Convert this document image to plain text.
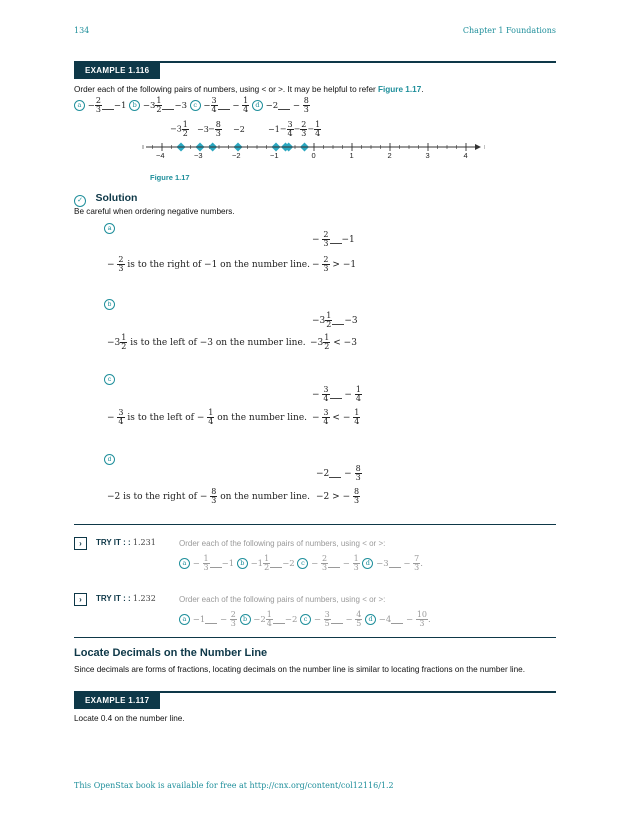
134	Chapter 1 Foundations
EXAMPLE 1.116
Order each of the following pairs of numbers, using < or >. It may be helpful to refer Figure 1.17.
$a - \frac{2}{3} -1$ $b -3 \frac{1}{2} -3$ $c - \frac{3}{4} - \frac{1}{4}$ $d -2 - \frac{8}{3}$
$-3 \frac{1}{2} -3 - \frac{8}{3} -2$	$-1- \frac{3}{4} - \frac{2}{3} - \frac{1}{4}$
−4	−3	−2	−1	0	1	2	3	4
Figure 1.17
✓ Solution
Be careful when ordering negative numbers.
a
− $\frac{2}{3} -1$
− $\frac{2}{3}$ is to the right of −1 on the number line. − $\frac{2}{3} > -1$
b
$-3 \frac{1}{2} -3$
$-3 \frac{1}{2}$ is to the left of −3 on the number line. $-3 \frac{1}{2} < -3$
c
− $\frac{3}{4} - \frac{1}{4}$
− $\frac{3}{4}$ is to the left of − $\frac{1}{4}$ on the number line. − $\frac{3}{4}$ < − $\frac{1}{4}$
d
$-2 - \frac{8}{3}$
−2 is to the right of − $\frac{8}{3}$ on the number line. −2 > − $\frac{8}{3}$
›	TRY IT : : 1.231	Order each of the following pairs of numbers, using < or >:
$a - \frac{1}{3} -1$ $b -1 \frac{1}{2} -2$ $c - \frac{2}{3} - \frac{1}{3}$ $d -3 - \frac{7}{3}$ .
›	TRY IT : : 1.232	Order each of the following pairs of numbers, using < or >:
$a -1 - \frac{2}{3}$ $b -2 \frac{1}{4} -2$ $c - \frac{3}{5} - \frac{4}{5}$ $d -4 - \frac{10}{3}$ .
Locate Decimals on the Number Line
Since decimals are forms of fractions, locating decimals on the number line is similar to locating fractions on the number line.
EXAMPLE 1.117
Locate 0.4 on the number line.
This OpenStax book is available for free at http://cnx.org/content/col12116/1.2
